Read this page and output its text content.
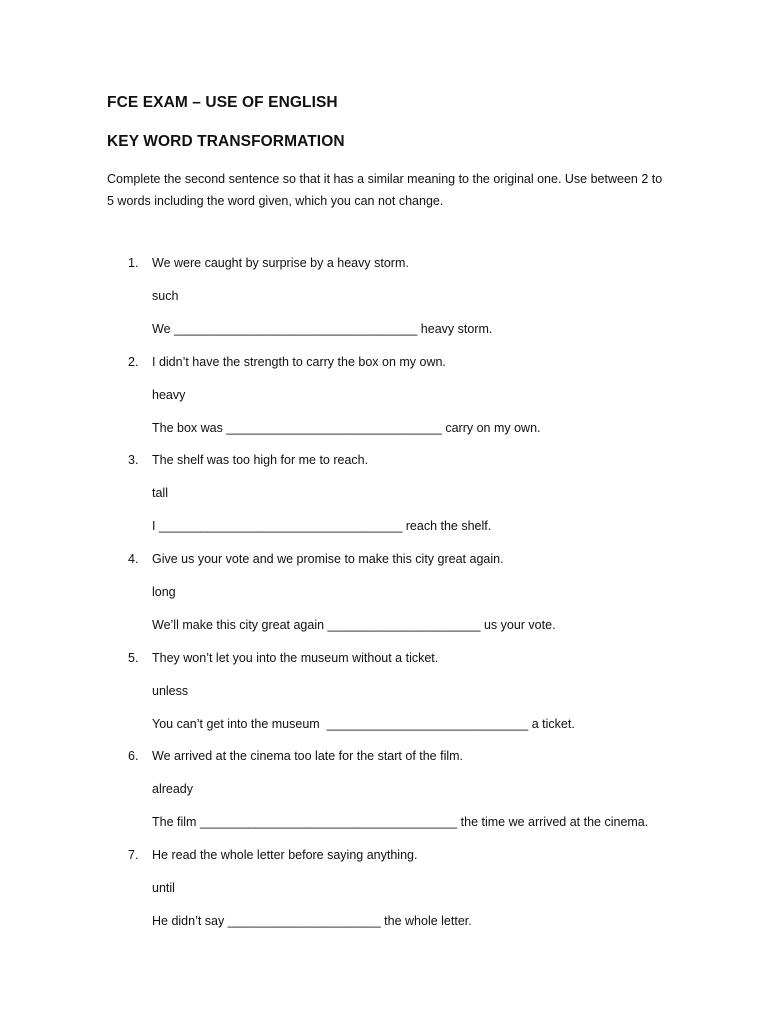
FCE EXAM – USE OF ENGLISH
KEY WORD TRANSFORMATION
Complete the second sentence so that it has a similar meaning to the original one. Use between 2 to 5 words including the word given, which you can not change.
1. We were caught by surprise by a heavy storm.
such
We ___________________________________ heavy storm.
2. I didn’t have the strength to carry the box on my own.
heavy
The box was _______________________________ carry on my own.
3. The shelf was too high for me to reach.
tall
I ___________________________________ reach the shelf.
4. Give us your vote and we promise to make this city great again.
long
We’ll make this city great again ______________________ us your vote.
5. They won’t let you into the museum without a ticket.
unless
You can’t get into the museum  _____________________________ a ticket.
6. We arrived at the cinema too late for the start of the film.
already
The film _____________________________________ the time we arrived at the cinema.
7. He read the whole letter before saying anything.
until
He didn’t say ______________________ the whole letter.
